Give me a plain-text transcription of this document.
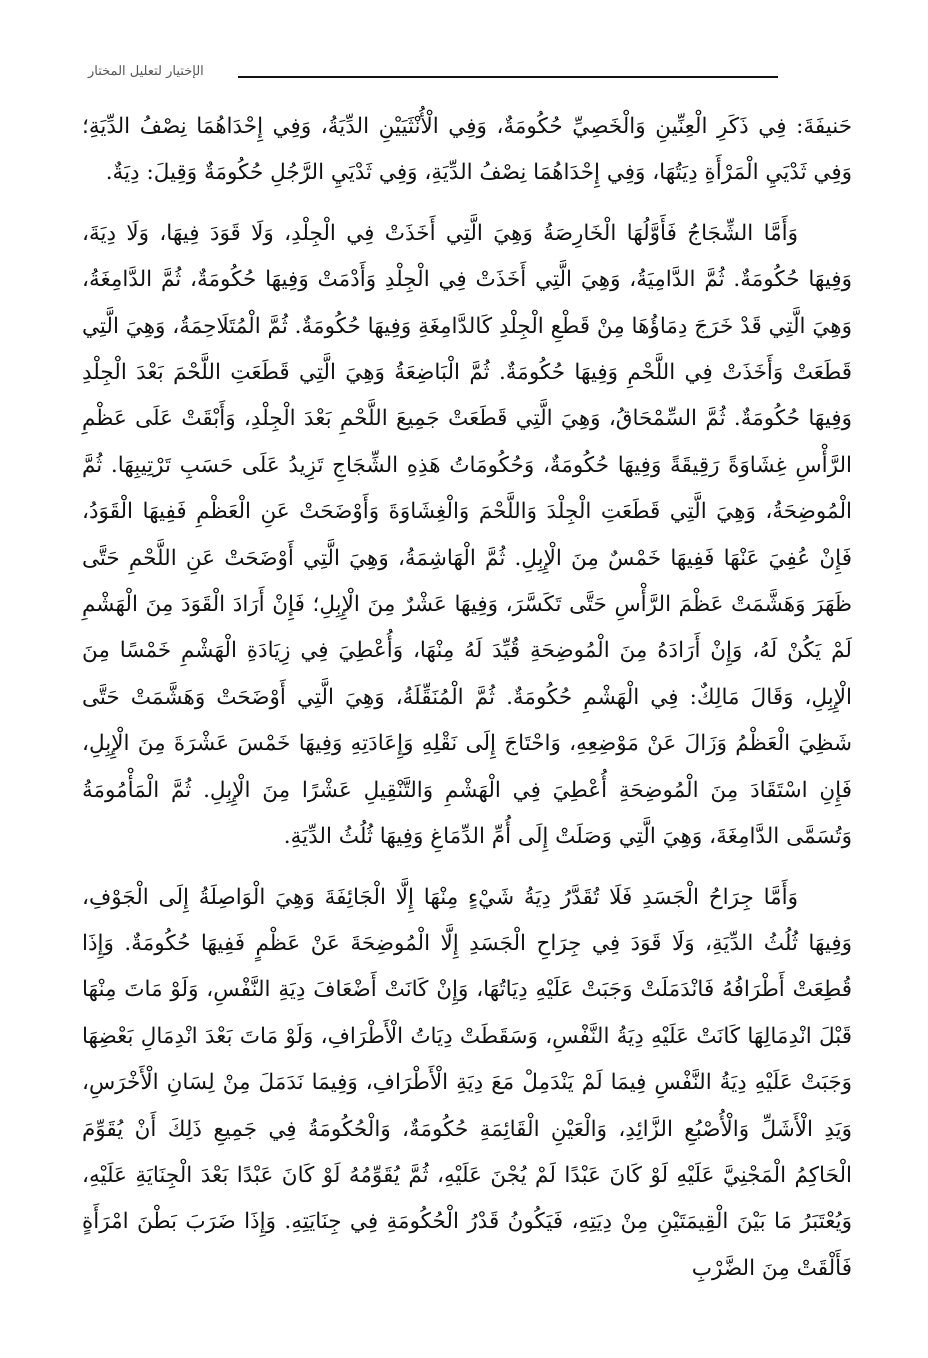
الإختيار لتعليل المختار

حَنيفَةَ: فِي ذَكَرِ الْعِنِّينِ وَالْخَصِيِّ حُكُومَةٌ، وَفِي الْأُنْثَيَيْنِ الدِّيَةُ، وَفِي إِحْدَاهُمَا نِصْفُ الدِّيَةِ؛ وَفِي ثَدْيَيِ الْمَرْأَةِ دِيَتُهَا، وَفِي إِحْدَاهُمَا نِصْفُ الدِّيَةِ، وَفِي ثَدْيَيِ الرَّجُلِ حُكُومَةٌ وَقِيلَ: دِيَةٌ.

وَأَمَّا الشِّجَاجُ فَأَوَّلُهَا الْخَارِصَةُ وَهِيَ الَّتِي أَخَذَتْ فِي الْجِلْدِ، وَلَا قَوَدَ فِيهَا، وَلَا دِيَةَ، وَفِيهَا حُكُومَةٌ. ثُمَّ الدَّامِيَةُ، وَهِيَ الَّتِي أَخَذَتْ فِي الْجِلْدِ وَأَدْمَتْ وَفِيهَا حُكُومَةٌ، ثُمَّ الدَّامِغَةُ، وَهِيَ الَّتِي قَدْ خَرَجَ دِمَاؤُهَا مِنْ قَطْعِ الْجِلْدِ كَالدَّامِغَةِ وَفِيهَا حُكُومَةٌ. ثُمَّ الْمُتَلَاحِمَةُ، وَهِيَ الَّتِي قَطَعَتْ وَأَخَذَتْ فِي اللَّحْمِ وَفِيهَا حُكُومَةٌ. ثُمَّ الْبَاضِعَةُ وَهِيَ الَّتِي قَطَعَتِ اللَّحْمَ بَعْدَ الْجِلْدِ وَفِيهَا حُكُومَةٌ. ثُمَّ السِّمْحَاقُ، وَهِيَ الَّتِي قَطَعَتْ جَمِيعَ اللَّحْمِ بَعْدَ الْجِلْدِ، وَأَبْقَتْ عَلَى عَظْمِ الرَّأْسِ غِشَاوَةً رَقِيقَةً وَفِيهَا حُكُومَةٌ، وَحُكُومَاتُ هَذِهِ الشِّجَاجِ تَزِيدُ عَلَى حَسَبِ تَرْتِيبِهَا. ثُمَّ الْمُوضِحَةُ، وَهِيَ الَّتِي قَطَعَتِ الْجِلْدَ وَاللَّحْمَ وَالْغِشَاوَةَ وَأَوْضَحَتْ عَنِ الْعَظْمِ فَفِيهَا الْقَوَدُ، فَإِنْ عُفِيَ عَنْهَا فَفِيهَا خَمْسٌ مِنَ الْإِبِلِ. ثُمَّ الْهَاشِمَةُ، وَهِيَ الَّتِي أَوْضَحَتْ عَنِ اللَّحْمِ حَتَّى ظَهَرَ وَهَشَّمَتْ عَظْمَ الرَّأْسِ حَتَّى تَكَسَّرَ، وَفِيهَا عَشْرٌ مِنَ الْإِبِلِ؛ فَإِنْ أَرَادَ الْقَوَدَ مِنَ الْهَشْمِ لَمْ يَكُنْ لَهُ، وَإِنْ أَرَادَهُ مِنَ الْمُوضِحَةِ قُيِّدَ لَهُ مِنْهَا، وَأُعْطِيَ فِي زِيَادَةِ الْهَشْمِ خَمْسًا مِنَ الْإِبِلِ، وَقَالَ مَالِكٌ: فِي الْهَشْمِ حُكُومَةٌ. ثُمَّ الْمُنَقِّلَةُ، وَهِيَ الَّتِي أَوْضَحَتْ وَهَشَّمَتْ حَتَّى شَظِيَ الْعَظْمُ وَزَالَ عَنْ مَوْضِعِهِ، وَاحْتَاجَ إِلَى نَقْلِهِ وَإِعَادَتِهِ وَفِيهَا خَمْسَ عَشْرَةَ مِنَ الْإِبِلِ، فَإِنِ اسْتَقَادَ مِنَ الْمُوضِحَةِ أُعْطِيَ فِي الْهَشْمِ وَالتَّنْقِيلِ عَشْرًا مِنَ الْإِبِلِ. ثُمَّ الْمَأْمُومَةُ وَتُسَمَّى الدَّامِغَةَ، وَهِيَ الَّتِي وَصَلَتْ إِلَى أُمِّ الدِّمَاغِ وَفِيهَا ثُلُثُ الدِّيَةِ.

وَأَمَّا جِرَاحُ الْجَسَدِ فَلَا تُقَدَّرُ دِيَةُ شَيْءٍ مِنْهَا إِلَّا الْجَائِفَةَ وَهِيَ الْوَاصِلَةُ إِلَى الْجَوْفِ، وَفِيهَا ثُلُثُ الدِّيَةِ، وَلَا قَوَدَ فِي جِرَاحِ الْجَسَدِ إِلَّا الْمُوضِحَةَ عَنْ عَظْمٍ فَفِيهَا حُكُومَةٌ. وَإِذَا قُطِعَتْ أَطْرَافُهُ فَانْدَمَلَتْ وَجَبَتْ عَلَيْهِ دِيَاتُهَا، وَإِنْ كَانَتْ أَضْعَافَ دِيَةِ النَّفْسِ، وَلَوْ مَاتَ مِنْهَا قَبْلَ انْدِمَالِهَا كَانَتْ عَلَيْهِ دِيَةُ النَّفْسِ، وَسَقَطَتْ دِيَاتُ الْأَطْرَافِ، وَلَوْ مَاتَ بَعْدَ انْدِمَالِ بَعْضِهَا وَجَبَتْ عَلَيْهِ دِيَةُ النَّفْسِ فِيمَا لَمْ يَنْدَمِلْ مَعَ دِيَةِ الْأَطْرَافِ، وَفِيمَا نَدَمَلَ مِنْ لِسَانِ الْأَخْرَسِ، وَيَدِ الْأَشَلِّ وَالْأُصْبُعِ الزَّائِدِ، وَالْعَيْنِ الْقَائِمَةِ حُكُومَةٌ، وَالْحُكُومَةُ فِي جَمِيعِ ذَلِكَ أَنْ يُقَوِّمَ الْحَاكِمُ الْمَجْنِيَّ عَلَيْهِ لَوْ كَانَ عَبْدًا لَمْ يُجْنَ عَلَيْهِ، ثُمَّ يُقَوِّمُهُ لَوْ كَانَ عَبْدًا بَعْدَ الْجِنَايَةِ عَلَيْهِ، وَيُعْتَبَرُ مَا بَيْنَ الْقِيمَتَيْنِ مِنْ دِيَتِهِ، فَيَكُونُ قَدْرُ الْحُكُومَةِ فِي جِنَايَتِهِ. وَإِذَا ضَرَبَ بَطْنَ امْرَأَةٍ فَأَلْقَتْ مِنَ الضَّرْبِ
